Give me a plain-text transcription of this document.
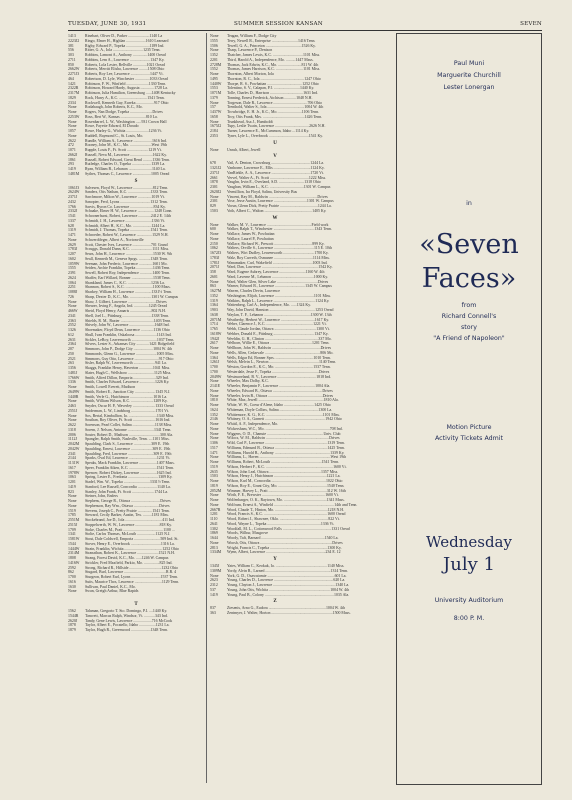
TUESDAY, JUNE 30, 1931	SUMMER SESSION KANSAN	SEVEN
1413 Rinehart, Oliver D., Parker ......................1140 La
2223J2 Ringo, Elmer H., Highlan ....................1610 Learnard
381	Rigby, Edward P., Topeka ........................1189 Ind.
556	Ritter, G. A., Iola ...............................1235 Tenn.
303	Robbins, Lamont A., Anthony ...............1400 Oread
2711 Robbins, Lem A., Lawrence .....................1347 Ky.
850	Roberts, Lola Lester, Bellville ..............1021 Oread
2662W Roberts, Merritt Elisha, Lawrence .........1508 Ohio
2271J3 Roberts, Roy Lee, Lawrence ....................1447 Vt.
464	Robertson, D. Lyle, Winchester ...............1033 Oread
1421 Robinson, F. W., Winfield .......................1330 Tenn.
2322R Robinson, Howard Hardy, Augusta ..............1728 La.
2317M Robinson, Julia Hamilton, Greensburg ......1408 Kentucky
1829 Rock, Harry A., K.C. .............................1541 Tenn.
2334 Rockwell, Kenneth Guy, Eureka ..................917 Ohio
None Rodabaugh, John Roberts, K.C., Mo.
None Rogers, Nan Dodge, Topeka .......................Drives
2253W Ross, Bert W., Kansas ..........................810 La.
None Rosenbarrel, L. W., Washington ......931 Crown Hall
None Rowe, Fayette Edward, El Dorado
1057 Rowe, Harley G., Wichita .......................1236 Vt.
None Ruddell, Raymond C., St. Louis, Mo.
2622 Rundle, William A., Lawrence ...................1616 Ind.
472	Rooney, John M., K.C., Mo. ......................West 19th
1071 Rupple, Louis F., Ft. Scott ......................1219 Vt.
2662J Russell, Neva M., Lawrence .......................1622 Ky.
1861 Russell, Robert Edward, Great Bend ..........1336 Tenn.
293	Rutledge, Charles O., Topeka ....................1339 La.
1419 Ryan, William B., Lebanon ........................1140 La.
1481M Sythes, Thomas C., Lawrence ...................1005 Oread
S
1061J3 Salvesen, Floyd W., Lawrence ....................812 Tenn.
2624W Sanders, Otis Nathan, K.C. .......................1333 Tenn.
2371J Sarchmore, Milton W., Lawrence ..............1019 Vt.
2432 Sanopter, Ferd, Lyons ...............................1312 Tenn.
1766 Sarvis, Byron Co. Lawrence ........................834 Ky.
2332J Schaake, Elmer H. W., Lawrence .................1248 Conn.
1541 Schoonerhurst, Robert, Lawrence .............2412 E. 14th
1337 Schmidt, J. H., Lawrence ...........................1336 Vt.
628	Schmidt, Albert H., K.C., Mo. ...................1244 La.
1319 Schmidt, J. Thomas, Topeka .....................1541 Tenn.
1471 Schroeder, Robert W., Lawrence ................1529 N.H.
None Schwerdtfeger, Albert A., Nortonville
2629 Scott, Chester Ives, Lawrence ...................701 Grand
1783J Scruggs, Donald Dunn, K.C. ......................1111 Miss.
1207 Sears, John H., Lawrence ............................1530 W. 9th
1602 Seall, Kenneth M., Geneva Sprgs. ............1348 Tenn.
1059W Seeman, John Frederic, Lawrence ..............1601 Mo.
1555 Seiden, Archie Franklin, Topeka .................1436 Tenn.
2391 Sewell, Robert Roy, Independence .............1400 Tenn.
2624 Shaffer, Earl Willard, Bonner ......................1538 Tenn.
1064 Shankland, James C., K.C. ........................1236 La.
2251 Shannon, Robert S., K.C. ............................1100 Mass.
1088J Sharkey, William H., Lawrence .................1331½ Tenn.
726	Sharp, Dexter D., K.C., Mo. ......................1301 W. Campus
None Shaw, J. Gilbert, Lawrence .............................Drives
None Shearer, Irving F., Angola, Ind. ...............1245 Oread
466W Sheid, Floyd Henry, Anaaris ......................802 N.H.
2341 Shell, Joel L., Pittsburg ..............................1338 Tenn.
2363 Shields, R. M., Baxter ..................................1403 Tenn.
2552 Shively, John W., Lawrence ..........................1648 Ind.
1326 Shoemaker, Floyd Dean, Lawrence .............1136 Ohio
612	Shull, Ivan Franklin, Oskaloosa ......................1143 Ind.
2631 Sickler, LeRoy, Leavenworth ..........................1037 Tenn.
2364 Silvers, Lester S., Arkansas City .............1421 Ridgefield
207	Simmons, John P., Dodge City ....................1004 W. 4th
250	Simmonds, Glenn G., Lawrence .....................1005 Miss.
2521 Simmons, Guy Otto, Lawrence .........................917 Ohio
263	Sisler, Ralph W., Leavenworth ......................941 La.
1356 Skaggs, Franklin Henry, Haverton ..............1041 Miss.
1481J Slater, Hugh C., Wellsboro ...........................1125 Miss.
1766W Smith, Alfred Dillon, Emporia .......................329 Ind.
1336 Smith, Charles Edward, Lawrence ................1226 Ky.
None Smith, Lowell Everett, Madison
2649W Smith, Robert E., Junction City .....................1345 N.J.
1440R Smith, Verle G., Hutchinson ........................1016 La.
None Smith, William Wilson, K.C. .......................1209 Ky.
2463 Snyder, Oscar H. P., Waverley .......................1333 Oread
2551J Sniderman, L. W., Lindsborg .........................1701 Vt.
None Sos, Bertal, Kimballton, Ia. .............................1340 Miss.
None Southan, Roy Oliver, Ft. Scott .......................1616 Ind.
2622 Sorenson, Pearl Collet, Salina .......................1138 Miss.
1318 Sorem, J. Nelson, Antonne ...........................1341 Tenn.
2006 Souter, Robert D., Madison ................................300 Ala.
1112J Spangler, Ralph Smith, Nashville, Tenn. ....1101 Miss.
2042M Spaulding, Clark S., Lawrence ..................309 E. 19th
2042W Spaulding, Ernest, Lawrence ......................309 E. 19th
2341 Spaulding, Fred, Lawrence ..........................309 E. 19th
2144 Sparks, Oval Ed, Lawrence .............................1231 Vt.
1131W Speaks, Mack Franklin, Lawrence ..................1407 Mass.
1617 Speer, Franklin Aiken, K.C. ............................1541 Tenn.
1978W Spencer, Robert Dickey, Lawrence .................1625 Ind.
1063 Spring, Lester E., Fredonia ...............................1309 Ky.
1201 Stadel, Wm. W., Topeka ...........................1331½ Tenn.
1419 Stanford, Lee Russell, Concordia ....................1140 La.
823	Stanley, John Frank, Ft. Scott .......................1744 La.
None Steiner, John, Enders
None Stephens, George R., Ottawa ..............................Drives
None Stephenson, Ray Wm., Ottawa ..........................Drives
1519 Stevens, Joseph C., Pretty Prairie ...............1541 Tenn.
1785 Steward, Cecily Barker, Austin, Tex. .........1181 Miss.
2551M Stockebrand, Joe D., Iola ......................................411 Ind.
2515J Stoppelwerth, W. W., Lawrence .........................818 Ky.
1709 Stoke, Charles M., Pratt .........................................1100 ...
1341 Stolte, Carlos Thomas, McLouth ...................1125 N.J.
1581W Stout, Dale Coldwell, Emporia ...........................509 Ind. St.
1544 Stover, Henry E., Overbrook ...............................1316 La.
1444W Strain, Franklin, Wichita .......................................1252 Ohio
2314M Stranathan, Robert K., Lawrence ......................1521 N.H.
1808 Strang, Forest David, K.C., Mo. ......1246 W. Campus
1416W Strickler, Fred Maxfield, Parkio, Mo. ................825 Ind.
2592 Strong, Richard R., Hillside .................................1232 Ohio
862	Stugard, Burl, Lawrence ...........................................R.R. 4
1700 Sturgeon, Robert Earl, Lyons ..............................1537 Tenn.
1616 Suits, Maurice Thos, Lawrence ............................1129 Tenn.
1630 Sullivan, Paul Daniel, K.C., Mo.
None Swan, Greigh Arthur, Blue Rapids
T
1562 Talaman, Gregorio T. Sto. Domingo, P.I. ....1440 Ky.
1544R Tancrett, Marcus Ralph, Windsor, Vt. ...........343 Ind.
2620J Tandy, Gene Lewis, Lawrence ...................716 McCook
1878 Taylor, Albert E., Pocatello, Idaho .................1231 La.
1879 Taylor, Hugh R., Greenwood ....................1348 Tenn.
None Teagan, William F., Dodge City
1555 Terry, Newell R., Enterprise ...........................1416 Tenn.
1506 Tewell, G. A., Princeton .....................................1526 Ky.
None Tharp, Lawrence P., Denison
1352 Thatcher, James Lewis, K.C. ...............................1101 Miss.
2201 Third, Harold A., Independence, Mo. ..........1447 Mass.
2728M Thomas, Jack Edwin, K.C., Mo. ........................811 W. 4th
1552 Thomas, James Harrison, K.C. ............................1101 Miss.
None Thornton, Albert Morton, Iola
1495 Thornton, R. C., Iola .............................................1247 Ohio
1440W Thorpe, R. S., Powhattan ....................................1252 Ohio
1553 Tolentino, S. V., Calapan, P.I. ...........................1440 Ky.
1071M Tolle, Charles D., Harrison ..................................1631 Ind.
1379 Tonning, Ernest Frederick, Atchison ............1048 N.H.
None Torgeson, Dale R., Lawrence ...................................706 Ohio
157	Trenthold, Walter S., Iola ......................................1004 W. 4th
1437W Trowbridge, E. H. Jr., K.C., Mo. ........................1106 Tenn.
1658 Troy, Otis Frank, Mrs. ...........................................1426 Tenn.
None Trunkhead, Asa J., Humboldt
1675J2 Tupy, Leslie Twain, Lawrence ...................................2626 N.H.
2184 Turner, Lawrence E., McCummon, Idaho ...1114 Ky.
2353 Tyner, Lyle L., Overbrook .........................................1541 Ky.
U
None Unruh, Albert, Jewell
V
678	Vail, A. Denton, Crowsburg ........................................1244 La.
1321J2 Vanhorne, Lawrence E., Ellis ......................................1124 Ky.
2371J VanRiekle, A. A., Lawrence ........................................1720 Vt.
2661 Vervel, Walter A., Ft. Scott ........................................1222 Miss.
1878 Vaughn, Irvin E., Overland, S.D. ..........................1318 Ohio
2301 Vaughan, William L., K.C. ...................................1301 W. Campus
2620J2 Vermillion, Ira Floyd, Salina, University Bus
None Vincent, Ray M., Baldwin ..................................................Drives
2301 Vose, Jesse Austin, Lawrence ..................................1301 W. Campus
829	Vorun, Glenn Dick, Pretty Prairie .......................................1244 La.
1503 Voth, Albert C., Walton .................................................1405 Ky.
W
None Walker, M. V., Lawrence ..............................................Field work
600	Walker, Ralph T., Winchester ..........................................1343 Tenn.
None Wallace, James W., Powhattan
None Wallace, Laurel P., Powhattan
2150 Wallace, Richard W., Prescott .......................................899 Ky.
1062 Walters, Orville S., Lawrence .........................................115 E. 10th
1672J3 Walters, Wirt Dudley, Leavenworth ................................1700 Ky.
1783J Walz, Roy Carveth, Osmanee ........................................1114 Miss.
1781J Wanamaker, Carl, Wakefield .........................................1003 Ind.
2071J Ward, Dan, Lawrence ..........................................................1542 Ky.
358	Ward, Eugene Aubrey, Lawrence ...........................1160 W. 4th
2601 Ward, Laverne M., Lebanon ...........................................1000 Ky.
None Ward, Walter Glen, Silver Lake ..........................................Drives
863	Warner, Edward B., Lawrence ...............................1345 W. Campus
1627M Warren, Charles Devin, Lawrence
1352 Washington, Elijah, Lawrence ........................................1101 Miss.
1319 Watkins, Ralph L., Lawrence ...........................................1124 Ky.
1364 Wattenberg, Carl A., Independence, Mo. ......1324 Ky.
1903 Way, John David, Hanston ...............................................1253 Oread
1638 Waylan, T. F., Lebanon ................................................1300 W. 13th
2071M Weatherby, Herbert W., Lawrence ...................................1617 Ky.
1714 Weber, Clarence J., K.C. ................................................1221 Vt.
1765 Webb, Claude Jordan, Ottawa ...........................................1300 Vt.
1618W Webber, Donald E., Pittsburg ..........................................1347 Ky.
1942J Weeldin, G. H., Clinton .......................................................337 Mo.
2617 Welborn, Willie E., Ottawa ...........................................1201 Tenn.
None Wellborn, John W., Baldwin ..................................................Drives
None Wells, Allen, Cedarvale .........................................................806 Mo.
1364 Wells, Edgar Ed, Bonner Sprs. .......................................1010 Tenn.
1261J Welsh, Melvin L., Newton ...................................................1140 Tenn.
1700 Weston, Gordon E., K.C., Mo. .......................................1537 Tenn.
1700 Westerdale, Jesse F., Topeka ................................................Drives
2049W Westmoreland, B. V., Lawrence ........................................1818 Ind.
None Wheeler, Max Dolby, K.C.
2141E Wheeler, Benjamin F., Lawrence .....................................1004 Ala.
None Wheeler, Edward B., Ottawa ...................................................Drives
None Wheeler, Irvin B., Ottawa ........................................................Drives
1810 White, Max, Jewell ...................................................................1810 Ala.
None White, W. W., Coeur d'Alene, Idaho ...............................1425 Ohio
1624 Whiteman, Doyle Collins, Salina ........................................1300 La.
1352 Whittemore, K. G., K.C. ..........................................................1101 Miss.
2146 Whitney, O. A., Garnett ..............................................................1942 Ohio
None Whittl, A. F., Independence, Mo.
None Wickersham, W.C., Mo. ..................................................................708 Ind.
None Wiggens, O. D., Chanute ..........................................................Univ. Club
None Wilcox, W. M., Baldwin .................................................................Drives
1306 Wild, Carl P., Lawrence ................................................................1319 Tenn.
1517 Williams, Edmund B., Ottawa ......................................................1425 Tenn.
1471 Williams, Harold R., Anthony .........................................................1339 Ky.
None Williams, L., Haven .........................................................................West 19th
None Williams, Robert, McLouth ....................................................1541 Tenn.
1519 Wilson, Herbert F., K.C. .....................................................................1600 Vt.
2635 Wilson, John Leal, Ottawa .....................................................1357 Miss.
1503 Wilson, Henry J., Hutchinson ......................................................1221 La.
None Wilson, Karl M., Concordia ........................................................1022 Ohio
1819 Wilson, Roy E., Grant City, Mo. ..................................................1540 Tenn.
2052M Wimmer, Harvey L., Pratt ............................................................312 W. 16th
None Wirth, F. E., Brewster .................................................................1600 Vt.
None Wolfenbarger, O. K., Raytown, Mo. ............................................1341 Mass.
None Wolfrum, Ernest A., Winfield ..............................................................14th and Tenn.
2667R Wood, Claude T., Hinton, Mo. ......................................................1218 N.H.
1201 Wood, Francis S., K.C. .................................................................1600 Oread
1110 Wood, Robert J., Shawnee, Okla. ..................................................822 Vt.
2641 Wood, Wayne L., Topeka .......................................................1336 Vt.
1302 Woodfall, M. L., Cottonwood Falls ..................................................1331 Oread
1869 Woods, Wilbur, Musgrove
1644 Woody, Taft, Barnard .................................................................1540 La.
None Woosh, Otis, Ottawa ..........................................................................Drives
2813 Wright, Francis C., Topeka ...........................................................1300 Ky.
1334M Wynn, Albert, Lawrence .............................................................234 E. 12
Y
1345J Yates, William C., Keokuk, Ia. .....................................................1140 Miss.
1309M Yordy, Alvin R., Larned ...................................................................1314 Tenn.
None York, G. D., Osawatomie .....................................................................601 La.
2623 Young, Charles D., Lawrence .............................................................620 La.
2312 Young, Clayton J., Lawrence ................................................................1340 La.
537	Young, John Otis, Wichita ...............................................................1004 W. 4th
1419 Young, Paul B., Colony .......................................................................1035 Ala.
Z
837	Ziesenis, Arno G., Eudora ...........................................................1004 W. 4th
363	Zentmyer, J. Walter, Horton ...............................................................1500 Mass.
Paul Muni
Marguerite Churchill
Lester Lonergan
in
«Seven
Faces»
from
Richard Connell's
story
"A Friend of Napoleon"
Motion Picture
Activity Tickets Admit
Wednesday
July 1
University Auditorium
8:00 P. M.
